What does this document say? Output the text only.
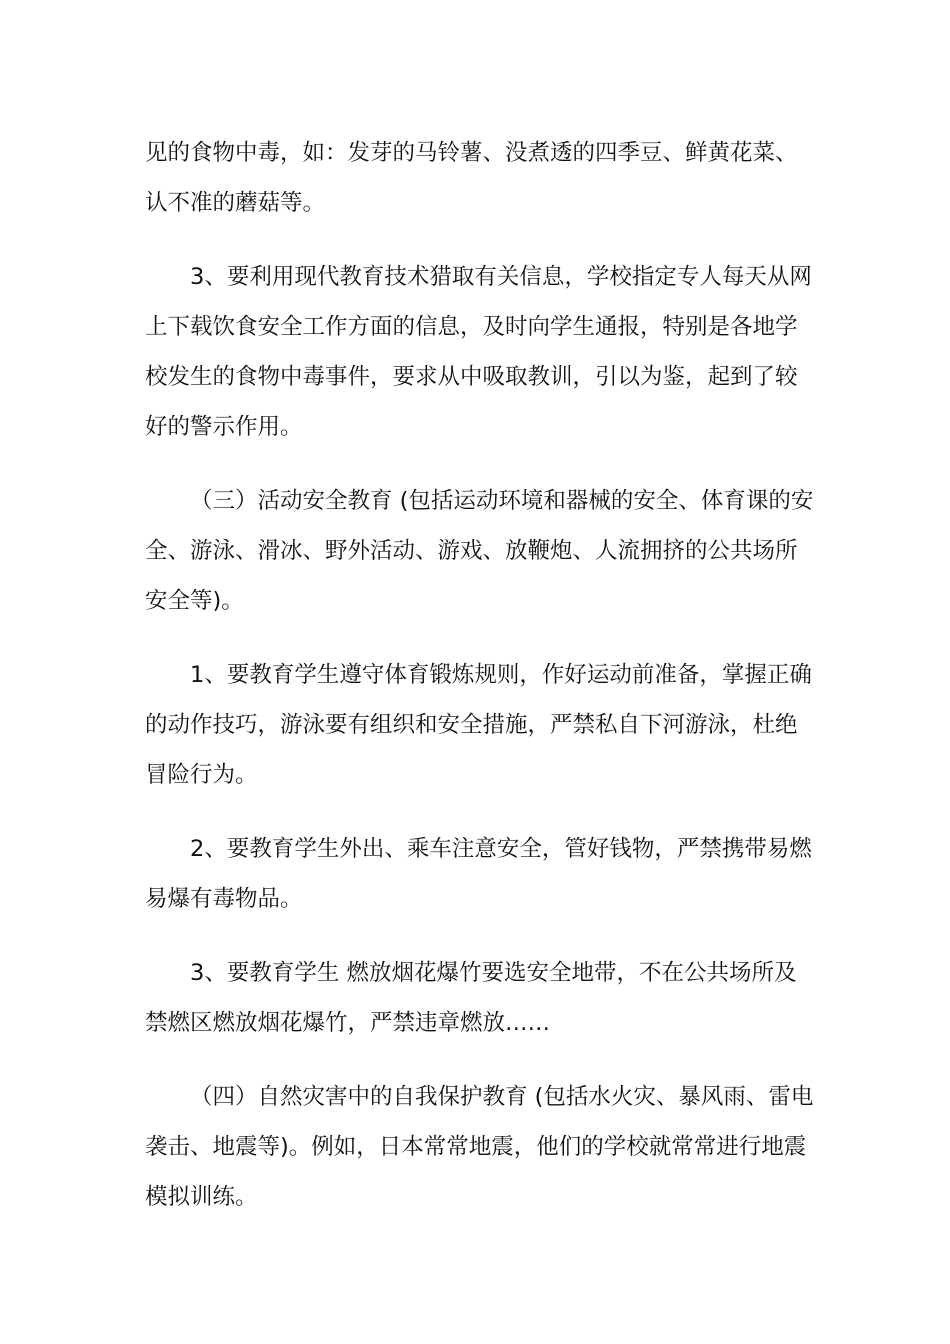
见的食物中毒，如：发芽的马铃薯、没煮透的四季豆、鲜黄花菜、
认不准的蘑菇等。
3、要利用现代教育技术猎取有关信息，学校指定专人每天从网
上下载饮食安全工作方面的信息，及时向学生通报，特别是各地学
校发生的食物中毒事件，要求从中吸取教训，引以为鉴，起到了较
好的警示作用。
（三）活动安全教育 (包括运动环境和器械的安全、体育课的安
全、游泳、滑冰、野外活动、游戏、放鞭炮、人流拥挤的公共场所
安全等)。
1、要教育学生遵守体育锻炼规则，作好运动前准备，掌握正确
的动作技巧，游泳要有组织和安全措施，严禁私自下河游泳，杜绝
冒险行为。
2、要教育学生外出、乘车注意安全，管好钱物，严禁携带易燃
易爆有毒物品。
3、要教育学生 燃放烟花爆竹要选安全地带，不在公共场所及
禁燃区燃放烟花爆竹，严禁违章燃放……
（四）自然灾害中的自我保护教育 (包括水火灾、暴风雨、雷电
袭击、地震等)。例如，日本常常地震，他们的学校就常常进行地震
模拟训练。
